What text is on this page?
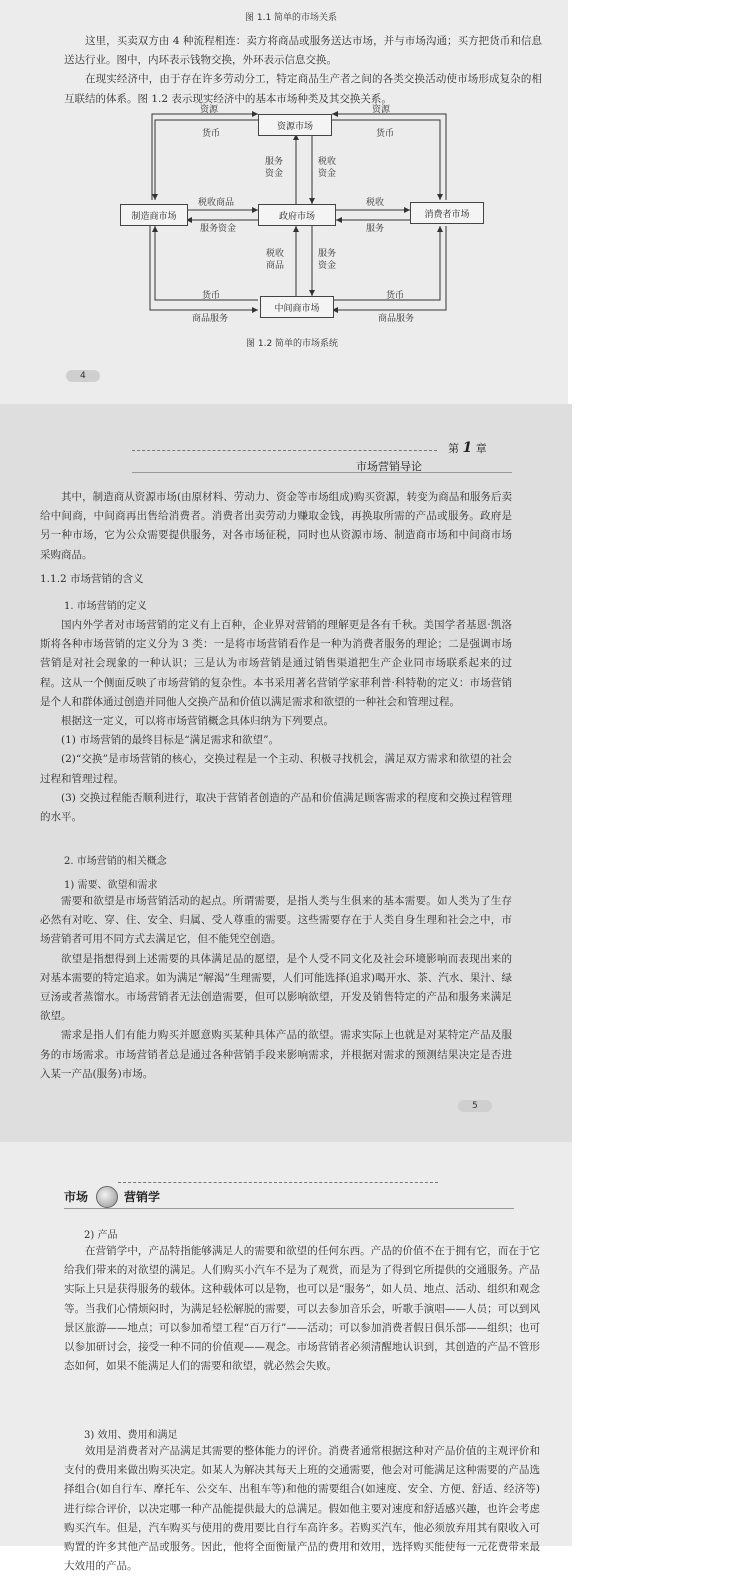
图 1.1 简单的市场关系

这里，买卖双方由 4 种流程相连：卖方将商品或服务送达市场，并与市场沟通；买方把货币和信息送达行业。图中，内环表示钱物交换，外环表示信息交换。

在现实经济中，由于存在许多劳动分工，特定商品生产者之间的各类交换活动使市场形成复杂的相互联结的体系。图 1.2 表示现实经济中的基本市场种类及其交换关系。

资源市场
制造商市场	政府市场	消费者市场
中间商市场
资源	资源
货币	货币
服务
资金
税收
资金
税收商品
服务资金
税收
服务
税收
商品
服务
资金
货币	货币
商品服务	商品服务
图 1.2 简单的市场系统
4
第 1 章
市场营销导论

其中，制造商从资源市场(由原材料、劳动力、资金等市场组成)购买资源，转变为商品和服务后卖给中间商，中间商再出售给消费者。消费者出卖劳动力赚取金钱，再换取所需的产品或服务。政府是另一种市场，它为公众需要提供服务，对各市场征税，同时也从资源市场、制造商市场和中间商市场采购商品。

1.1.2 市场营销的含义
1. 市场营销的定义

国内外学者对市场营销的定义有上百种，企业界对营销的理解更是各有千秋。美国学者基恩·凯洛斯将各种市场营销的定义分为 3 类：一是将市场营销看作是一种为消费者服务的理论；二是强调市场营销是对社会现象的一种认识；三是认为市场营销是通过销售渠道把生产企业同市场联系起来的过程。这从一个侧面反映了市场营销的复杂性。本书采用著名营销学家菲利普·科特勒的定义：市场营销是个人和群体通过创造并同他人交换产品和价值以满足需求和欲望的一种社会和管理过程。

根据这一定义，可以将市场营销概念具体归纳为下列要点。

(1) 市场营销的最终目标是“满足需求和欲望”。

(2)“交换”是市场营销的核心，交换过程是一个主动、积极寻找机会，满足双方需求和欲望的社会过程和管理过程。

(3) 交换过程能否顺利进行，取决于营销者创造的产品和价值满足顾客需求的程度和交换过程管理的水平。

2. 市场营销的相关概念
1) 需要、欲望和需求

需要和欲望是市场营销活动的起点。所谓需要，是指人类与生俱来的基本需要。如人类为了生存必然有对吃、穿、住、安全、归属、受人尊重的需要。这些需要存在于人类自身生理和社会之中，市场营销者可用不同方式去满足它，但不能凭空创造。

欲望是指想得到上述需要的具体满足品的愿望，是个人受不同文化及社会环境影响而表现出来的对基本需要的特定追求。如为满足“解渴”生理需要，人们可能选择(追求)喝开水、茶、汽水、果汁、绿豆汤或者蒸馏水。市场营销者无法创造需要，但可以影响欲望，开发及销售特定的产品和服务来满足欲望。

需求是指人们有能力购买并愿意购买某种具体产品的欲望。需求实际上也就是对某特定产品及服务的市场需求。市场营销者总是通过各种营销手段来影响需求，并根据对需求的预测结果决定是否进入某一产品(服务)市场。

5
市场	营销学
2) 产品

在营销学中，产品特指能够满足人的需要和欲望的任何东西。产品的价值不在于拥有它，而在于它给我们带来的对欲望的满足。人们购买小汽车不是为了观赏，而是为了得到它所提供的交通服务。产品实际上只是获得服务的载体。这种载体可以是物，也可以是“服务”，如人员、地点、活动、组织和观念等。当我们心情烦闷时，为满足轻松解脱的需要，可以去参加音乐会，听歌手演唱——人员；可以到风景区旅游——地点；可以参加希望工程“百万行”——活动；可以参加消费者假日俱乐部——组织；也可以参加研讨会，接受一种不同的价值观——观念。市场营销者必须清醒地认识到，其创造的产品不管形态如何，如果不能满足人们的需要和欲望，就必然会失败。

3) 效用、费用和满足

效用是消费者对产品满足其需要的整体能力的评价。消费者通常根据这种对产品价值的主观评价和支付的费用来做出购买决定。如某人为解决其每天上班的交通需要，他会对可能满足这种需要的产品选择组合(如自行车、摩托车、公交车、出租车等)和他的需要组合(如速度、安全、方便、舒适、经济等)进行综合评价，以决定哪一种产品能提供最大的总满足。假如他主要对速度和舒适感兴趣，也许会考虑购买汽车。但是，汽车购买与使用的费用要比自行车高许多。若购买汽车，他必须放弃用其有限收入可购置的许多其他产品或服务。因此，他将全面衡量产品的费用和效用，选择购买能使每一元花费带来最大效用的产品。
